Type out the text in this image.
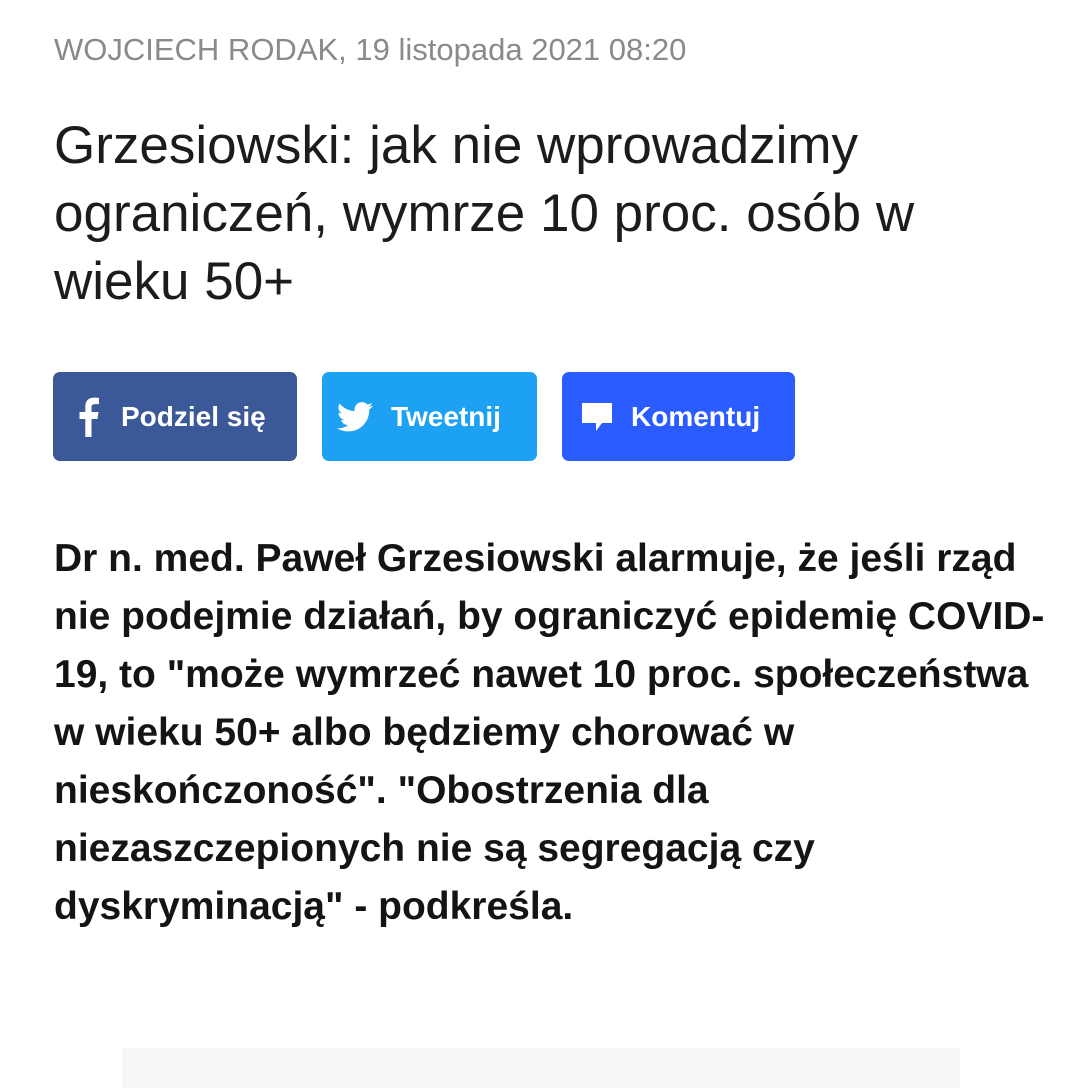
WOJCIECH RODAK, 19 listopada 2021 08:20
Grzesiowski: jak nie wprowadzimy ograniczeń, wymrze 10 proc. osób w wieku 50+
Podziel się	Tweetnij	Komentuj

Dr n. med. Paweł Grzesiowski alarmuje, że jeśli rząd nie podejmie działań, by ograniczyć epidemię COVID-19, to "może wymrzeć nawet 10 proc. społeczeństwa w wieku 50+ albo będziemy chorować w nieskończoność". "Obostrzenia dla niezaszczepionych nie są segregacją czy dyskryminacją" - podkreśla.
